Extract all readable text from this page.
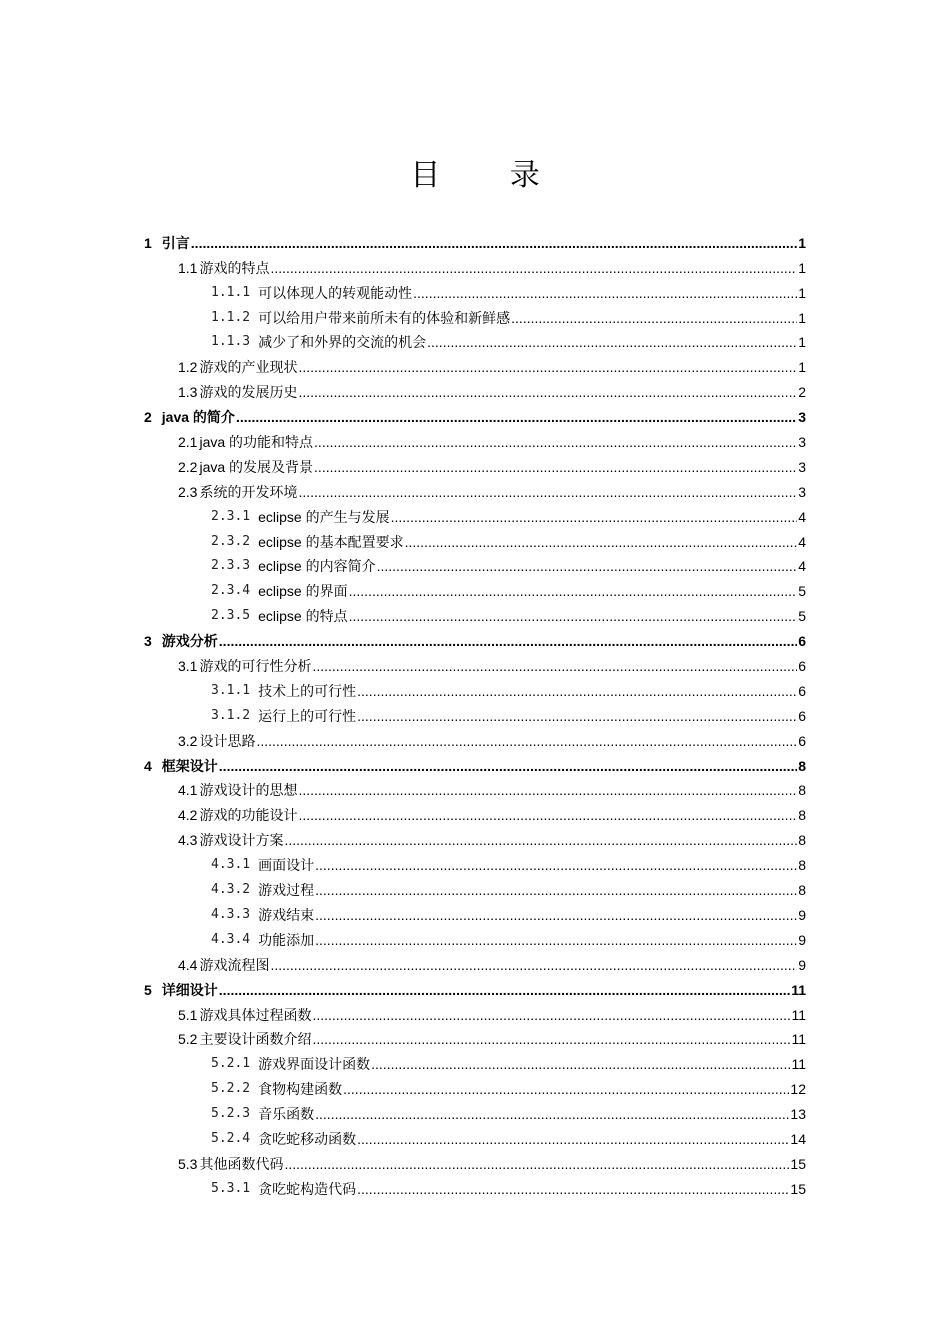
目 录
1 引言 .....	1
1.1 游戏的特点 .....	1
1.1.1 可以体现人的转观能动性 .....	1
1.1.2 可以给用户带来前所未有的体验和新鲜感 .....	1
1.1.3 减少了和外界的交流的机会 .....	1
1.2 游戏的产业现状 .....	1
1.3 游戏的发展历史 .....	2
2 java 的简介 .....	3
2.1 java 的功能和特点 .....	3
2.2 java 的发展及背景 .....	3
2.3 系统的开发环境 .....	3
2.3.1 eclipse 的产生与发展 .....	4
2.3.2 eclipse 的基本配置要求 .....	4
2.3.3 eclipse 的内容简介 .....	4
2.3.4 eclipse 的界面 .....	5
2.3.5 eclipse 的特点 .....	5
3 游戏分析 .....	6
3.1 游戏的可行性分析 .....	6
3.1.1 技术上的可行性 .....	6
3.1.2 运行上的可行性 .....	6
3.2 设计思路 .....	6
4 框架设计 .....	8
4.1 游戏设计的思想 .....	8
4.2 游戏的功能设计 .....	8
4.3 游戏设计方案 .....	8
4.3.1 画面设计 .....	8
4.3.2 游戏过程 .....	8
4.3.3 游戏结束 .....	9
4.3.4 功能添加 .....	9
4.4 游戏流程图 .....	9
5 详细设计 .....	11
5.1 游戏具体过程函数 .....	11
5.2 主要设计函数介绍 .....	11
5.2.1 游戏界面设计函数 .....	11
5.2.2 食物构建函数 .....	12
5.2.3 音乐函数 .....	13
5.2.4 贪吃蛇移动函数 .....	14
5.3 其他函数代码 .....	15
5.3.1 贪吃蛇构造代码 .....	15
